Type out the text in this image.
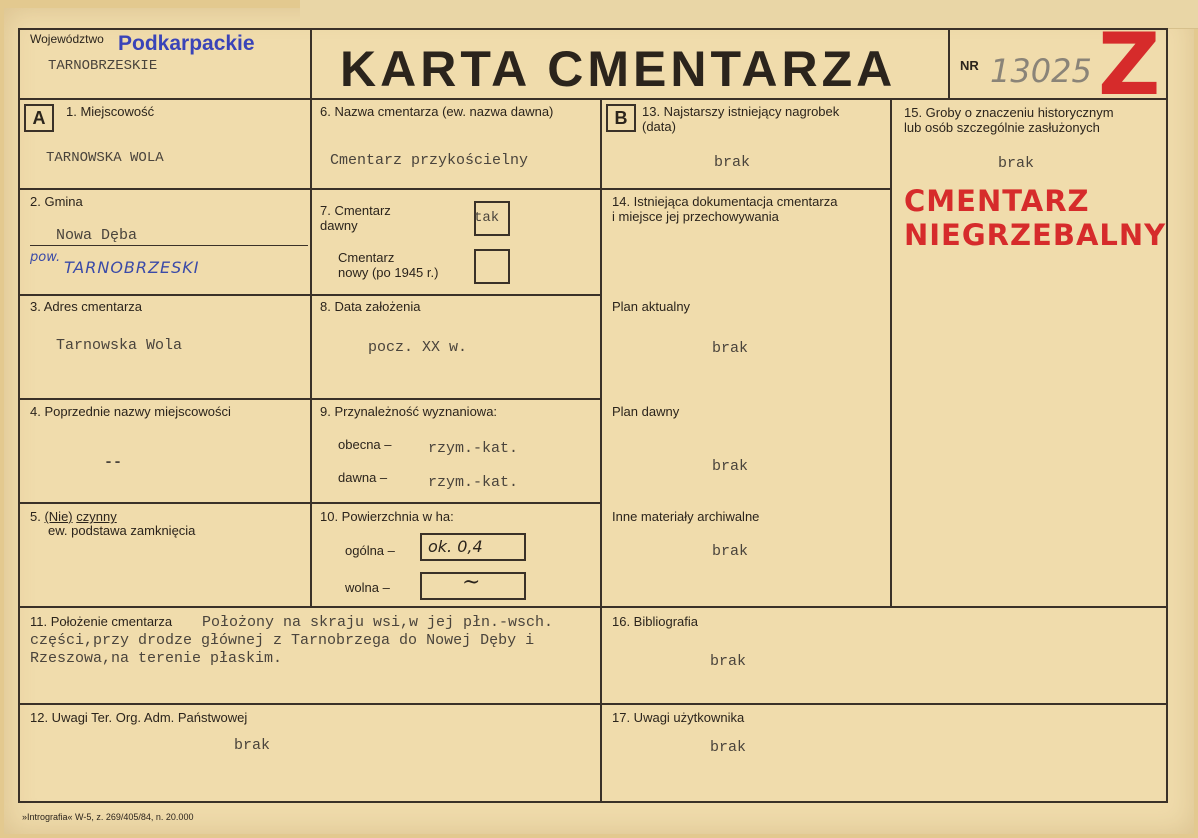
Województwo Podkarpackie
TARNOBRZESKIE	KARTA CMENTARZA	NR 13025 Z
A	B
1. Miejscowość
TARNOWSKA WOLA
2. Gmina
Nowa Dęba
pow.
TARNOBRZESKI
3. Adres cmentarza
Tarnowska Wola
4. Poprzednie nazwy miejscowości
--
5. (Nie) czynny
ew. podstawa zamknięcia
6. Nazwa cmentarza (ew. nazwa dawna)
Cmentarz przykościelny
7. Cmentarz
dawny	tak
Cmentarz
nowy (po 1945 r.)
8. Data założenia
pocz. XX w.
9. Przynależność wyznaniowa:
obecna – rzym.-kat.
dawna –	rzym.-kat.
10. Powierzchnia w ha:
ogólna – ok. 0,4
wolna –	~
13. Najstarszy istniejący nagrobek
(data)
brak
14. Istniejąca dokumentacja cmentarza
i miejsce jej przechowywania
Plan aktualny
brak
Plan dawny
brak
Inne materiały archiwalne
brak
15. Groby o znaczeniu historycznym
lub osób szczególnie zasłużonych
brak
CMENTARZ
NIEGRZEBALNY
11. Położenie cmentarza	Położony na skraju wsi,w jej płn.-wsch. części,przy drodze głównej z Tarnobrzega do Nowej Dęby i Rzeszowa,na terenie płaskim.
12. Uwagi Ter. Org. Adm. Państwowej
brak
16. Bibliografia
brak
17. Uwagi użytkownika
brak
»Intrografia« W-5, z. 269/405/84, n. 20.000
